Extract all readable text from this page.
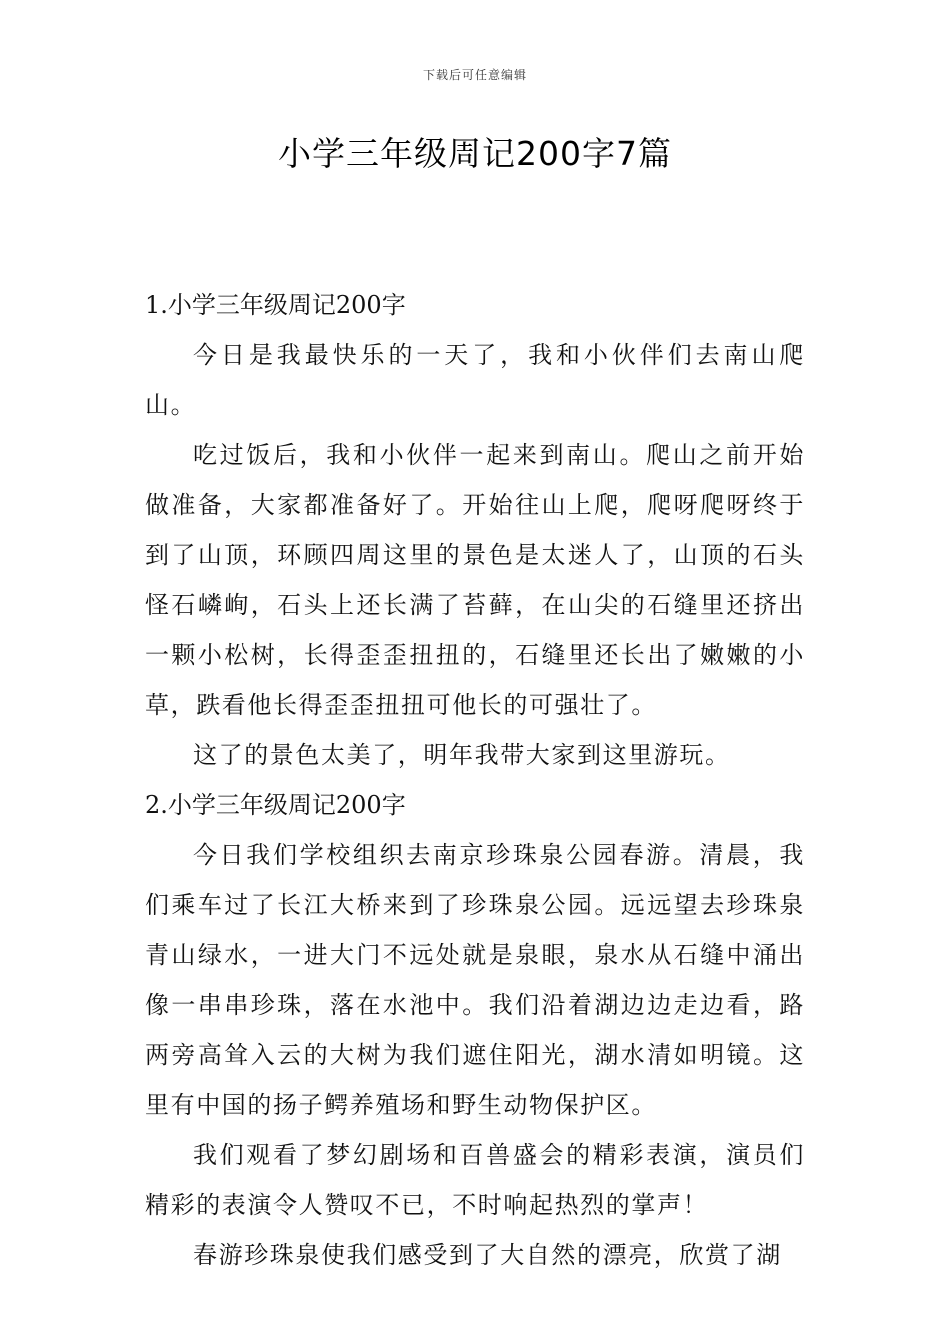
下载后可任意编辑
小学三年级周记200字7篇
1.小学三年级周记200字

今日是我最快乐的一天了，我和小伙伴们去南山爬山。

吃过饭后，我和小伙伴一起来到南山。爬山之前开始做准备，大家都准备好了。开始往山上爬，爬呀爬呀终于到了山顶，环顾四周这里的景色是太迷人了，山顶的石头怪石嶙峋，石头上还长满了苔藓，在山尖的石缝里还挤出一颗小松树，长得歪歪扭扭的，石缝里还长出了嫩嫩的小草，跌看他长得歪歪扭扭可他长的可强壮了。

这了的景色太美了，明年我带大家到这里游玩。

2.小学三年级周记200字

今日我们学校组织去南京珍珠泉公园春游。清晨，我们乘车过了长江大桥来到了珍珠泉公园。远远望去珍珠泉青山绿水，一进大门不远处就是泉眼，泉水从石缝中涌出像一串串珍珠，落在水池中。我们沿着湖边边走边看，路两旁高耸入云的大树为我们遮住阳光，湖水清如明镜。这里有中国的扬子鳄养殖场和野生动物保护区。

我们观看了梦幻剧场和百兽盛会的精彩表演，演员们精彩的表演令人赞叹不已，不时响起热烈的掌声！

春游珍珠泉使我们感受到了大自然的漂亮，欣赏了湖
